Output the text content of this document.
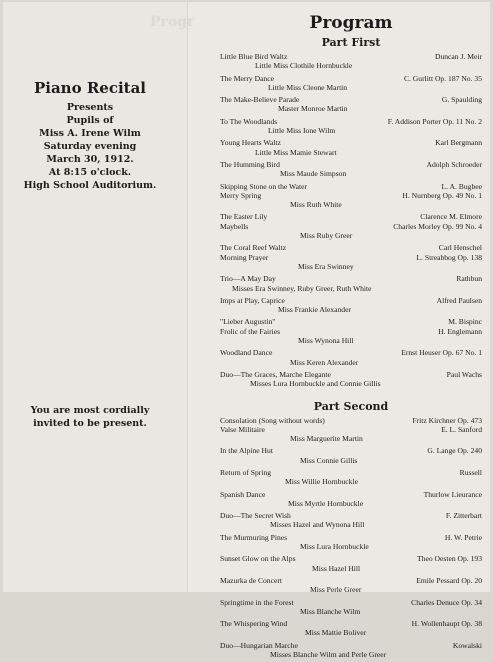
Progr
Piano Recital
Presents
Pupils of
Miss A. Irene Wilm
Saturday evening
March 30, 1912.
At 8:15 o'clock.
High School Auditorium.
You are most cordially
invited to be present.
Program
Part First
Little Blue Bird Waltz	Duncan J. Meir
Little Miss Clothile Hornbuckle
The Merry Dance	C. Gurlitt Op. 187 No. 35
Little Miss Cleone Martin
The Make-Believe Parade	G. Spaulding
Master Monroe Martin
To The Woodlands	F. Addison Porter Op. 11 No. 2
Little Miss Ione Wilm
Young Hearts Waltz	Karl Bergmann
Little Miss Mamie Stewart
The Humming Bird	Adolph Schroeder
Miss Maude Simpson
Skipping Stone on the Water	L. A. Bugbee
Merry Spring	H. Nurnberg Op. 49 No. 1
Miss Ruth White
The Easter Lily	Clarence M. Elmore
Maybells	Charles Morley Op. 99 No. 4
Miss Ruby Greer
The Coral Reef Waltz	Carl Henschel
Morning Prayer	L. Streabbog Op. 138
Miss Era Swinney
Trio—A May Day	Rathbun
Misses Era Swinney, Ruby Greer, Ruth White
Imps at Play, Caprice	Alfred Paulsen
Miss Frankie Alexander
"Lieber Augustin"	M. Bispinc
Frolic of the Fairies	H. Englemann
Miss Wynona Hill
Woodland Dance	Ernst Heuser Op. 67 No. 1
Miss Keren Alexander
Duo—The Graces, Marche Elegante	Paul Wachs
Misses Lura Hornbuckle and Connie Gillis
Part Second
Consolation (Song without words)	Fritz Kirchner Op. 473
Valse Militaire	E. L. Sanford
Miss Marguerite Martin
In the Alpine Hut	G. Lange Op. 240
Miss Connie Gillis
Return of Spring	Russell
Miss Willie Hornbuckle
Spanish Dance	Thurlow Lieurance
Miss Myrtle Hornbuckle
Duo—The Secret Wish	F. Zitterbart
Misses Hazel and Wynona Hill
The Murmuring Pines	H. W. Petrie
Miss Lura Hornbuckle
Sunset Glow on the Alps	Theo Oesten Op. 193
Miss Hazel Hill
Mazurka de Concert	Emile Pessard Op. 20
Miss Perle Greer
Springtime in the Forest	Charles Denuce Op. 34
Miss Blanche Wilm
The Whispering Wind	H. Wollenhaupt Op. 38
Miss Mattie Boliver
Duo—Hungarian Marche	Kowalski
Misses Blanche Wilm and Perle Greer
